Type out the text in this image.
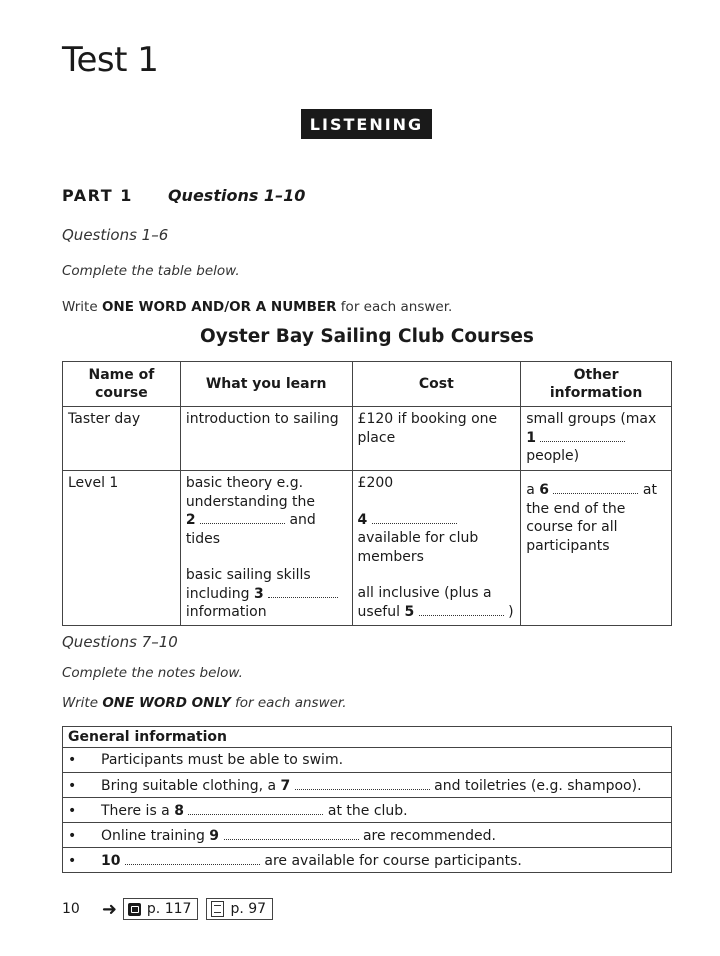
Test 1
LISTENING
PART 1 Questions 1–10
Questions 1–6
Complete the table below.
Write ONE WORD AND/OR A NUMBER for each answer.
Oyster Bay Sailing Club Courses
Name of course	What you learn	Cost	Other information
Taster day	introduction to sailing	£120 if booking one place	small groups (max
1
people)
Level 1	basic theory e.g. understanding the
2 and tides
basic sailing skills including 3
information	£200
4  available for club members
all inclusive (plus a useful 5 )	a 6 at the end of the course for all participants
Questions 7–10
Complete the notes below.
Write ONE WORD ONLY for each answer.
General information
• Participants must be able to swim.
• Bring suitable clothing, a 7	and toiletries (e.g. shampoo).
• There is a 8	at the club.
• Online training 9	are recommended.
• 10	are available for course participants.
10 ➜ p. 117	p. 97
